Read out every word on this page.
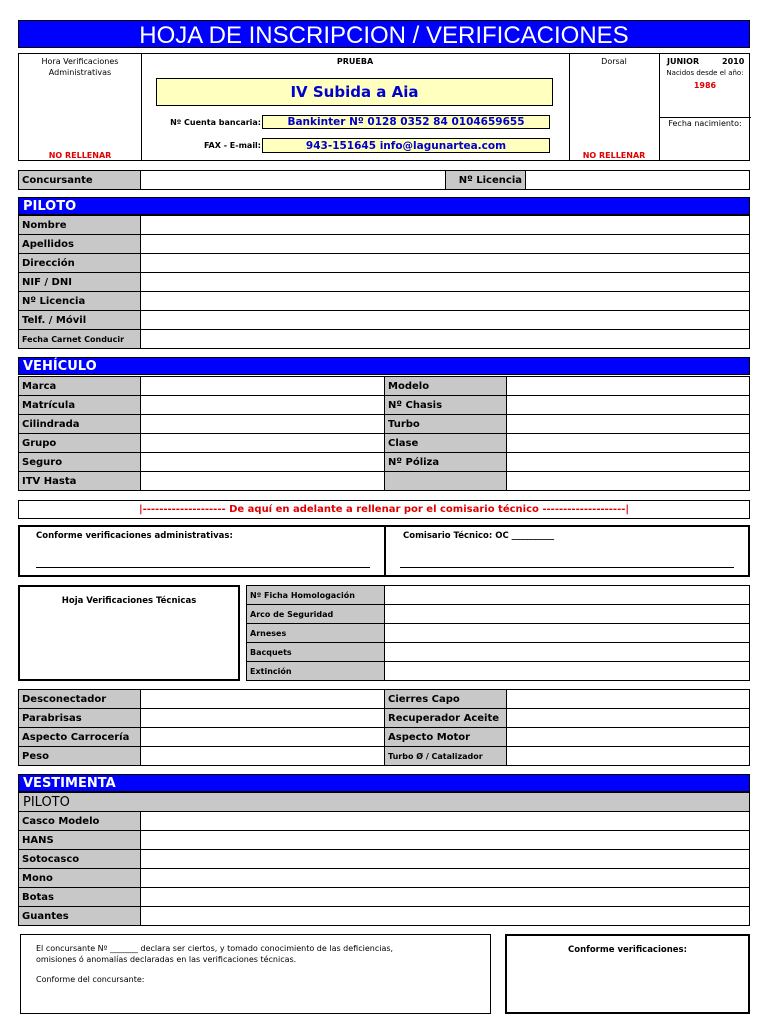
HOJA DE INSCRIPCION / VERIFICACIONES
Hora Verificaciones
Administrativas
NO RELLENAR
PRUEBA
IV Subida a Aia
Nº Cuenta bancaria:	Bankinter Nº 0128 0352 84 0104659655
FAX - E-mail:	943-151645 info@lagunartea.com
Dorsal
NO RELLENAR
JUNIOR	2010
Nacidos desde el año:
1986
Fecha nacimiento:
Concursante		Nº Licencia	
PILOTO
Nombre	
Apellidos	
Dirección	
NIF / DNI	
Nº Licencia	
Telf. / Móvil	
Fecha Carnet Conducir	
VEHÍCULO
Marca		Modelo	
Matrícula		Nº Chasis	
Cilindrada		Turbo	
Grupo		Clase	
Seguro		Nº Póliza	
ITV Hasta			
|-------------------- De aquí en adelante a rellenar por el comisario técnico --------------------|
Conforme verificaciones administrativas:	Comisario Técnico: OC __________
Hoja Verificaciones Técnicas
Nº Ficha Homologación	
Arco de Seguridad	
Arneses	
Bacquets	
Extinción	
Desconectador		Cierres Capo	
Parabrisas		Recuperador Aceite	
Aspecto Carrocería		Aspecto Motor	
Peso		Turbo Ø / Catalizador	
VESTIMENTA
PILOTO
Casco Modelo	
HANS	
Sotocasco	
Mono	
Botas	
Guantes	
El concursante Nº _______ declara ser ciertos, y tomado conocimiento de las deficiencias,
omisiones ó anomalías declaradas en las verificaciones técnicas.
Conforme del concursante:
Conforme verificaciones:
